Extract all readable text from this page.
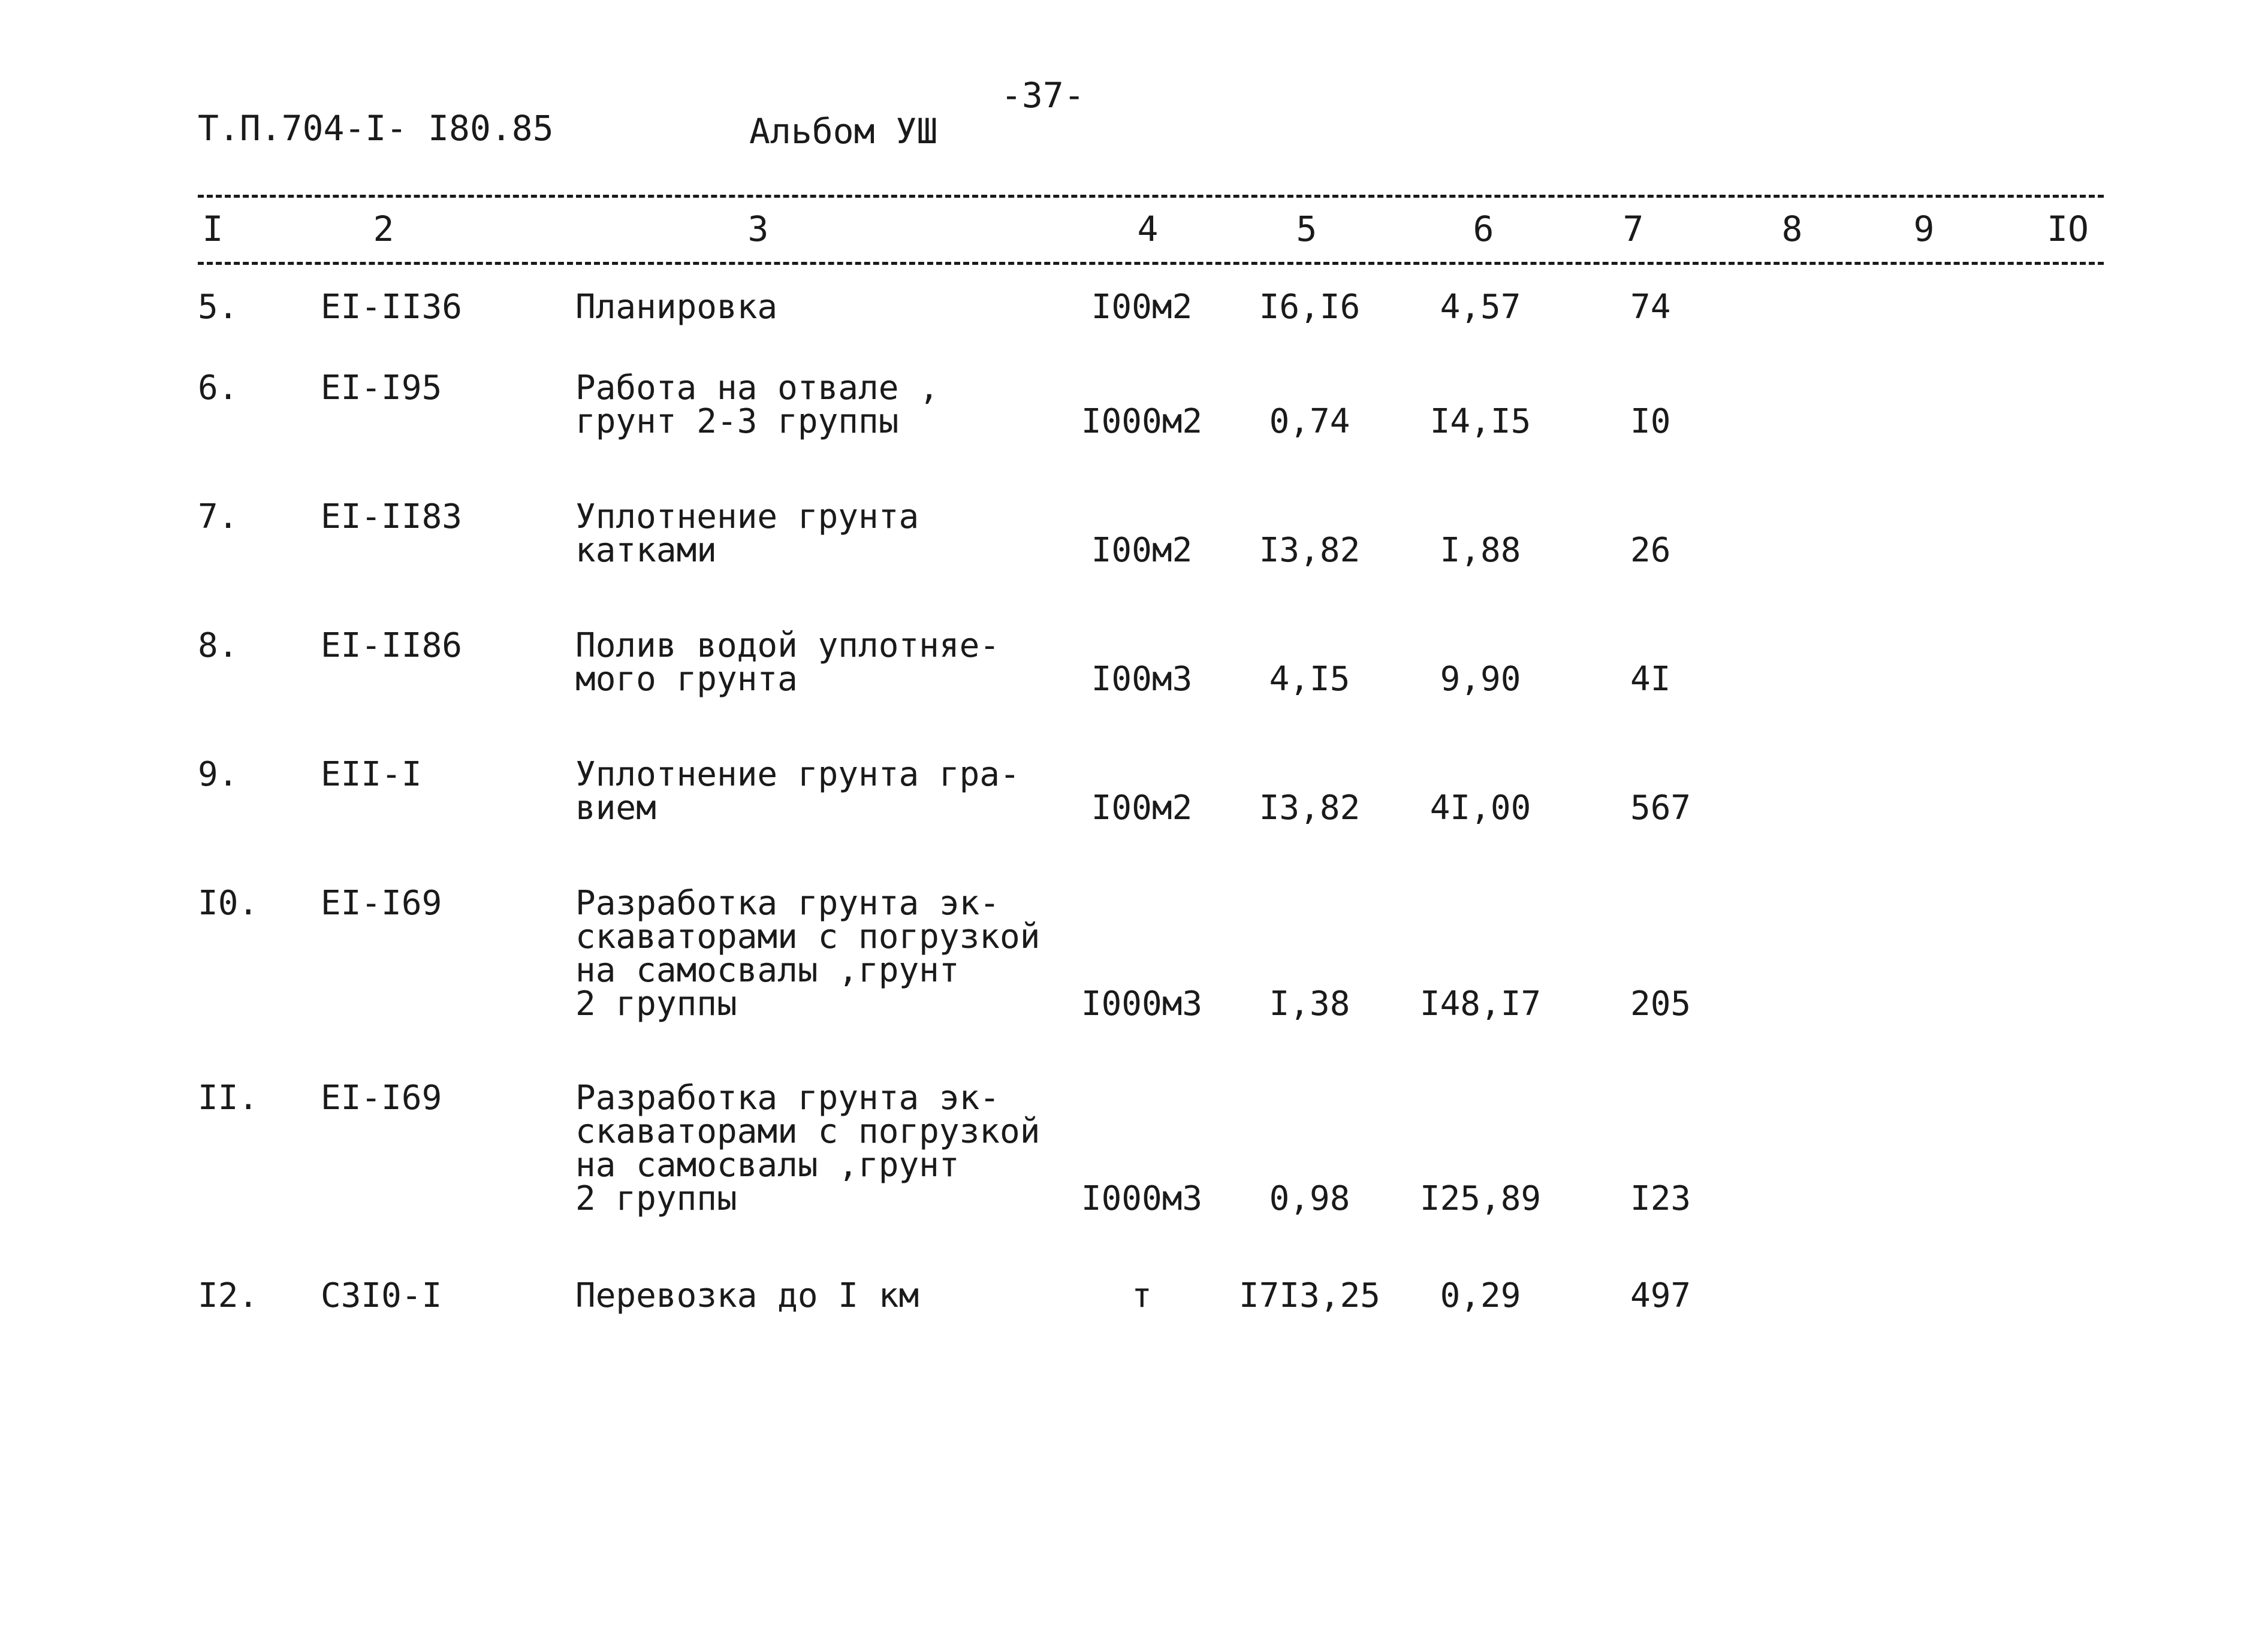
Т.П.704-I- I80.85	Альбом УШ
-37-
I	2	3	4	5	6	7	8	9	IO
5. EI-II36	Планировка	I00м2 I6,I6 4,57	74
6. EI-I95	Работа на отвале ,
грунт 2-3 группы	I000м2 0,74 I4,I5	I0
7. EI-II83	Уплотнение грунта
катками	I00м2 I3,82 I,88	26
8. EI-II86	Полив водой уплотняе-
мого грунта	I00м3 4,I5	9,90	4I
9. EII-I	Уплотнение грунта гра-
вием	I00м2 I3,82 4I,00	567
I0. EI-I69	Разработка грунта эк-
скаваторами с погрузкой
на самосвалы ,грунт
2 группы	I000м3 I,38 I48,I7	205
II. EI-I69	Разработка грунта эк-
скаваторами с погрузкой
на самосвалы ,грунт
2 группы	I000м3 0,98 I25,89	I23
I2. C3I0-I	Перевозка до I км	т	I7I3,25 0,29	497
